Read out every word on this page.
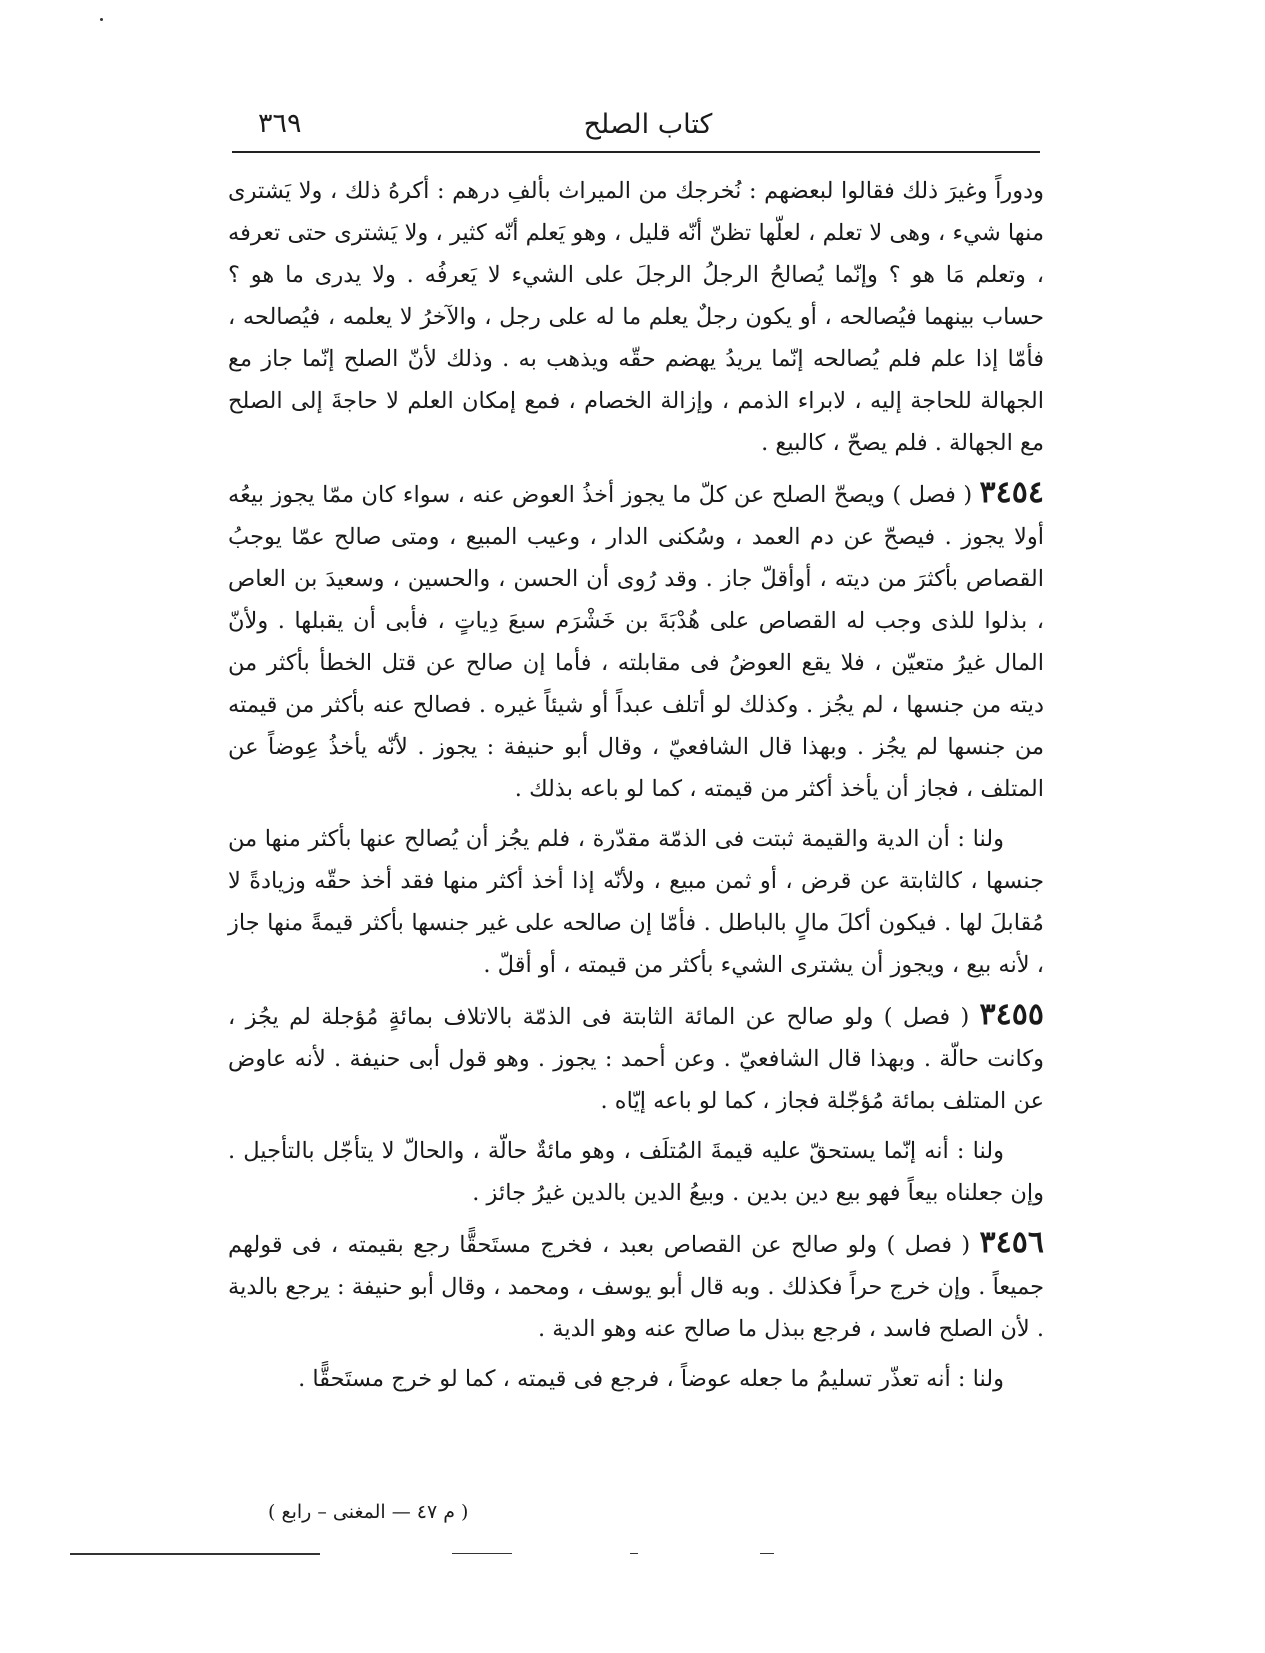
كتاب الصلح
٣٦٩

ودوراً وغيرَ ذلك فقالوا لبعضهم : نُخرجك من الميراث بألفِ درهم : أكرهُ ذلك ، ولا يَشترى منها شيء ، وهى لا تعلم ، لعلّها تظنّ أنّه قليل ، وهو يَعلم أنّه كثير ، ولا يَشترى حتى تعرفه ، وتعلم مَا هو ؟ وإنّما يُصالحُ الرجلُ الرجلَ على الشيء لا يَعرفُه . ولا يدرى ما هو ؟ حساب بينهما فيُصالحه ، أو يكون رجلٌ يعلم ما له على رجل ، والآخرُ لا يعلمه ، فيُصالحه ، فأمّا إذا علم فلم يُصالحه إنّما يريدُ يهضم حقّه ويذهب به . وذلك لأنّ الصلح إنّما جاز مع الجهالة للحاجة إليه ، لابراء الذمم ، وإزالة الخصام ، فمع إمكان العلم لا حاجةَ إلى الصلح مع الجهالة . فلم يصحّ ، كالبيع .

٣٤٥٤ ( فصل ) ويصحّ الصلح عن كلّ ما يجوز أخذُ العوض عنه ، سواء كان ممّا يجوز بيعُه أولا يجوز . فيصحّ عن دم العمد ، وسُكنى الدار ، وعيب المبيع ، ومتى صالح عمّا يوجبُ القصاص بأكثرَ من ديته ، أوأقلّ جاز . وقد رُوى أن الحسن ، والحسين ، وسعيدَ بن العاص ، بذلوا للذى وجب له القصاص على هُدْبَةَ بن خَشْرَم سبعَ دِياتٍ ، فأبى أن يقبلها . ولأنّ المال غيرُ متعيّن ، فلا يقع العوضُ فى مقابلته ، فأما إن صالح عن قتل الخطأ بأكثر من ديته من جنسها ، لم يجُز . وكذلك لو أتلف عبداً أو شيئاً غيره . فصالح عنه بأكثر من قيمته من جنسها لم يجُز . وبهذا قال الشافعيّ ، وقال أبو حنيفة : يجوز . لأنّه يأخذُ عِوضاً عن المتلف ، فجاز أن يأخذ أكثر من قيمته ، كما لو باعه بذلك .

ولنا : أن الدية والقيمة ثبتت فى الذمّة مقدّرة ، فلم يجُز أن يُصالح عنها بأكثر منها من جنسها ، كالثابتة عن قرض ، أو ثمن مبيع ، ولأنّه إذا أخذ أكثر منها فقد أخذ حقّه وزيادةً لا مُقابلَ لها . فيكون أكلَ مالٍ بالباطل . فأمّا إن صالحه على غير جنسها بأكثر قيمةً منها جاز ، لأنه بيع ، ويجوز أن يشترى الشيء بأكثر من قيمته ، أو أقلّ .

٣٤٥٥ ( فصل ) ولو صالح عن المائة الثابتة فى الذمّة بالاتلاف بمائةٍ مُؤجلة لم يجُز ، وكانت حالّة . وبهذا قال الشافعيّ . وعن أحمد : يجوز . وهو قول أبى حنيفة . لأنه عاوض عن المتلف بمائة مُؤجّلة فجاز ، كما لو باعه إيّاه .

ولنا : أنه إنّما يستحقّ عليه قيمةَ المُتلَف ، وهو مائةٌ حالّة ، والحالّ لا يتأجّل بالتأجيل . وإن جعلناه بيعاً فهو بيع دين بدين . وبيعُ الدين بالدين غيرُ جائز .

٣٤٥٦ ( فصل ) ولو صالح عن القصاص بعبد ، فخرج مستَحقًّا رجع بقيمته ، فى قولهم جميعاً . وإن خرج حراً فكذلك . وبه قال أبو يوسف ، ومحمد ، وقال أبو حنيفة : يرجع بالدية . لأن الصلح فاسد ، فرجع ببذل ما صالح عنه وهو الدية .

ولنا : أنه تعذّر تسليمُ ما جعله عوضاً ، فرجع فى قيمته ، كما لو خرج مستَحقًّا .

( م ٤٧ — المغنى – رابع )
